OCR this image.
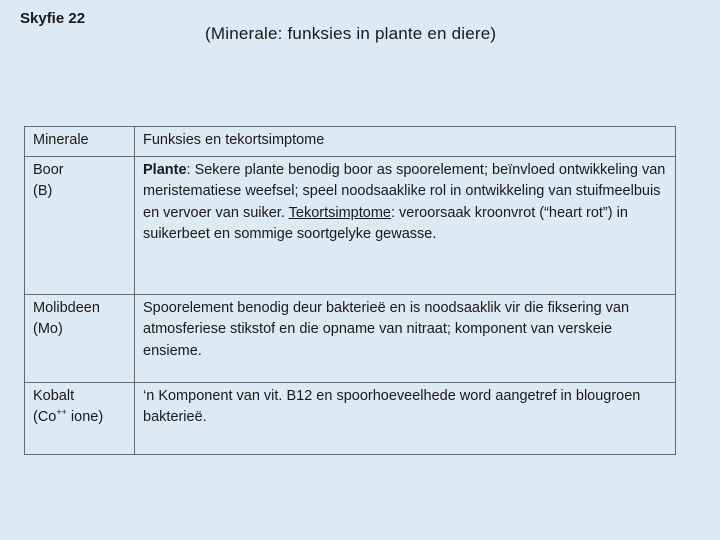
Skyfie 22
(Minerale: funksies in plante en diere)
Minerale	Funksies en tekortsimptome
Boor
(B)	Plante: Sekere plante benodig boor as spoorelement; beïnvloed ontwikkeling van meristematiese weefsel; speel noodsaaklike rol in ontwikkeling van stuifmeelbuis en vervoer van suiker. Tekortsimptome: veroorsaak kroonvrot (“heart rot”) in suikerbeet en sommige soortgelyke gewasse.
Molibdeen
(Mo)	Spoorelement benodig deur bakterieë en is noodsaaklik vir die fiksering van atmosferiese stikstof en die opname van nitraat; komponent van verskeie ensieme.
Kobalt
(Co++ ione)	‘n Komponent van vit. B12 en spoorhoeveelhede word aangetref in blougroen bakterieë.
